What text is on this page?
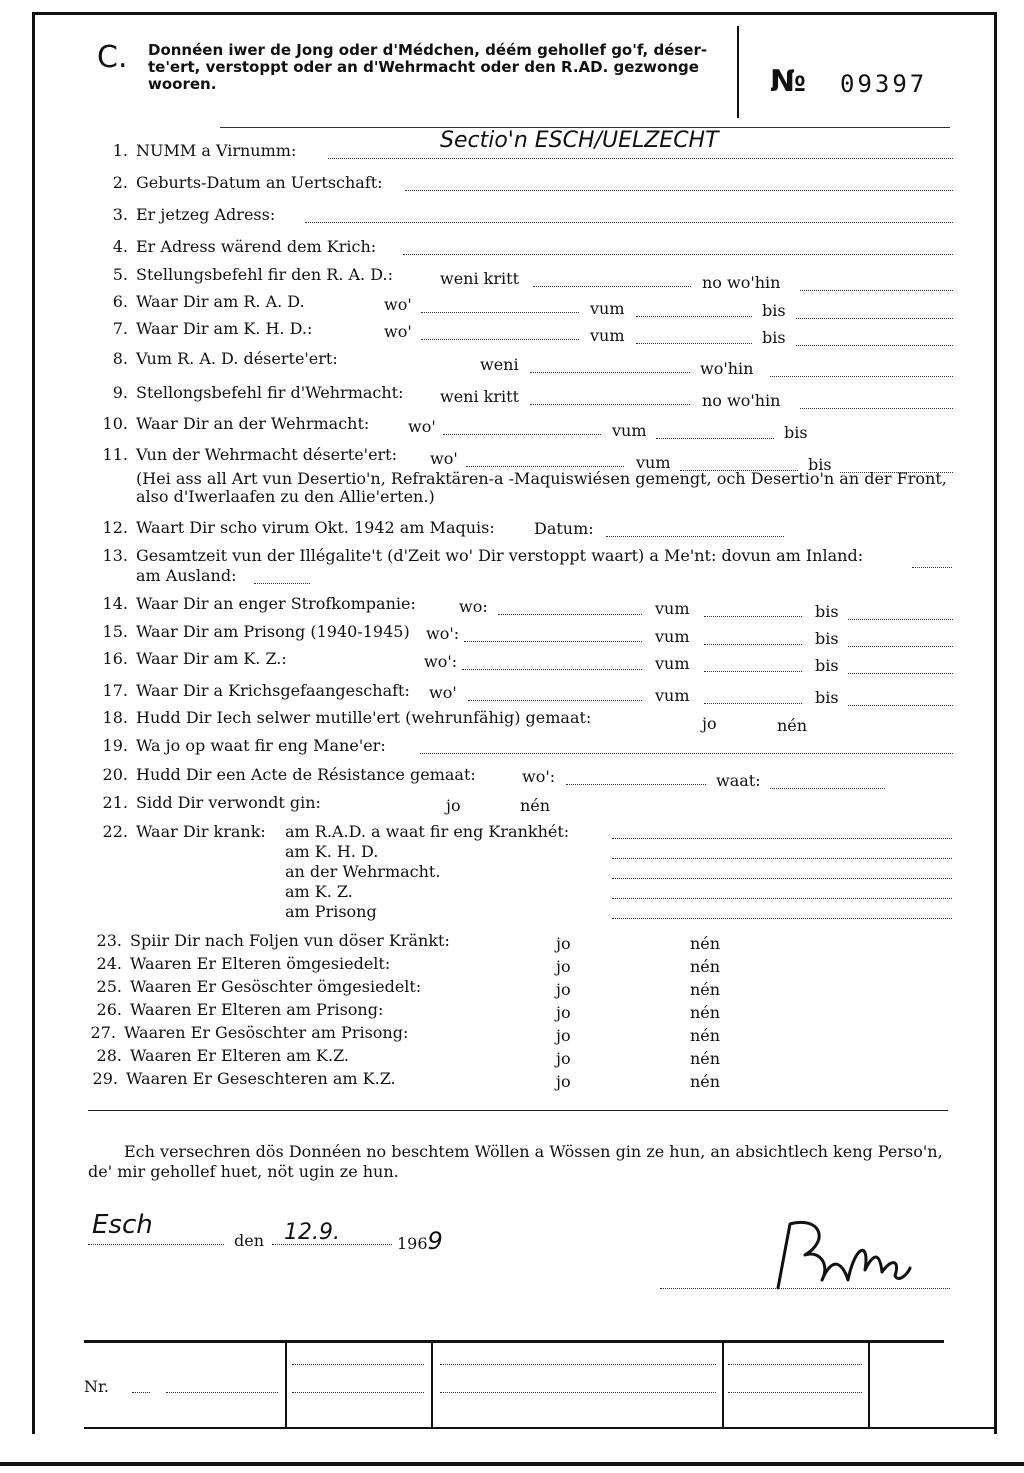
C. Donnéen iwer de Jong oder d'Médchen, déém gehollef go'f, déser-te'ert, verstoppt oder an d'Wehrmacht oder den R.AD. gezwonge wooren.	№ 09397
1. NUMM a Virnumm:	Sectio'n ESCH/UELZECHT
2. Geburts-Datum an Uertschaft:
3. Er jetzeg Adress:
4. Er Adress wärend dem Krich:
5. Stellungsbefehl fir den R. A. D.:	weni kritt	no wo'hin
6. Waar Dir am R. A. D.	wo'	vum	bis
7. Waar Dir am K. H. D.:	wo'	vum	bis
8. Vum R. A. D. déserte'ert:	weni	wo'hin
9. Stellongsbefehl fir d'Wehrmacht: weni kritt	no wo'hin
10. Waar Dir an der Wehrmacht: wo'	vum	bis
11. Vun der Wehrmacht déserte'ert: wo'	vum	bis
(Hei ass all Art vun Desertio'n, Refraktären-a -Maquiswiésen gemengt, och Desertio'n an der Front, also d'Iwerlaafen zu den Allie'erten.)
12. Waart Dir scho virum Okt. 1942 am Maquis: Datum:
13. Gesamtzeit vun der Illégalite't (d'Zeit wo' Dir verstoppt waart) a Me'nt: dovun am Inland:
am Ausland:
14. Waar Dir an enger Strofkompanie:	wo:	vum	bis
15. Waar Dir am Prisong (1940-1945) wo':	vum	bis
16. Waar Dir am K. Z.:	wo':	vum	bis
17. Waar Dir a Krichsgefaangeschaft: wo'	vum	bis
18. Hudd Dir Iech selwer mutille'ert (wehrunfähig) gemaat:	jo	nén
19. Wa jo op waat fir eng Mane'er:
20. Hudd Dir een Acte de Résistance gemaat:	wo':	waat:
21. Sidd Dir verwondt gin:	jo	nén
22. Waar Dir krank: am R.A.D. a waat fir eng Krankhét:
am K. H. D.
an der Wehrmacht.
am K. Z.
am Prisong
23. Spiir Dir nach Foljen vun döser Kränkt:	jo	nén
24. Waaren Er Elteren ömgesiedelt:	jo	nén
25. Waaren Er Gesöschter ömgesiedelt:	jo	nén
26. Waaren Er Elteren am Prisong:	jo	nén
27. Waaren Er Gesöschter am Prisong:	jo	nén
28. Waaren Er Elteren am K.Z.	jo	nén
29. Waaren Er Geseschteren am K.Z.	jo	nén
Ech versechren dös Donnéen no beschtem Wöllen a Wössen gin ze hun, an absichtlech keng Perso'n, de' mir gehollef huet, nöt ugin ze hun.
Esch
den 12.9.	1969
Nr.
